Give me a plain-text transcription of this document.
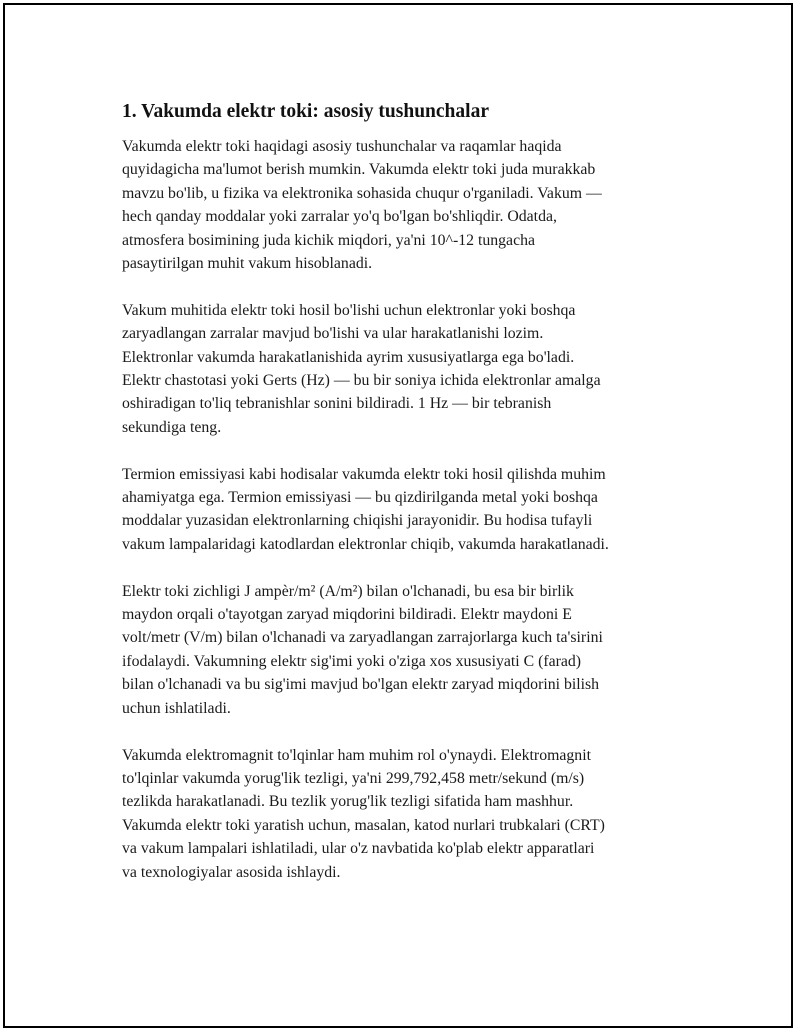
1. Vakumda elektr toki: asosiy tushunchalar

Vakumda elektr toki haqidagi asosiy tushunchalar va raqamlar haqida
quyidagicha ma'lumot berish mumkin. Vakumda elektr toki juda murakkab
mavzu bo'lib, u fizika va elektronika sohasida chuqur o'rganiladi. Vakum —
hech qanday moddalar yoki zarralar yo'q bo'lgan bo'shliqdir. Odatda,
atmosfera bosimining juda kichik miqdori, ya'ni 10^-12 tungacha
pasaytirilgan muhit vakum hisoblanadi.

Vakum muhitida elektr toki hosil bo'lishi uchun elektronlar yoki boshqa
zaryadlangan zarralar mavjud bo'lishi va ular harakatlanishi lozim.
Elektronlar vakumda harakatlanishida ayrim xususiyatlarga ega bo'ladi.
Elektr chastotasi yoki Gerts (Hz) — bu bir soniya ichida elektronlar amalga
oshiradigan to'liq tebranishlar sonini bildiradi. 1 Hz — bir tebranish
sekundiga teng.

Termion emissiyasi kabi hodisalar vakumda elektr toki hosil qilishda muhim
ahamiyatga ega. Termion emissiyasi — bu qizdirilganda metal yoki boshqa
moddalar yuzasidan elektronlarning chiqishi jarayonidir. Bu hodisa tufayli
vakum lampalaridagi katodlardan elektronlar chiqib, vakumda harakatlanadi.

Elektr toki zichligi J ampèr/m² (A/m²) bilan o'lchanadi, bu esa bir birlik
maydon orqali o'tayotgan zaryad miqdorini bildiradi. Elektr maydoni E
volt/metr (V/m) bilan o'lchanadi va zaryadlangan zarrajorlarga kuch ta'sirini
ifodalaydi. Vakumning elektr sig'imi yoki o'ziga xos xususiyati C (farad)
bilan o'lchanadi va bu sig'imi mavjud bo'lgan elektr zaryad miqdorini bilish
uchun ishlatiladi.

Vakumda elektromagnit to'lqinlar ham muhim rol o'ynaydi. Elektromagnit
to'lqinlar vakumda yorug'lik tezligi, ya'ni 299,792,458 metr/sekund (m/s)
tezlikda harakatlanadi. Bu tezlik yorug'lik tezligi sifatida ham mashhur.
Vakumda elektr toki yaratish uchun, masalan, katod nurlari trubkalari (CRT)
va vakum lampalari ishlatiladi, ular o'z navbatida ko'plab elektr apparatlari
va texnologiyalar asosida ishlaydi.
